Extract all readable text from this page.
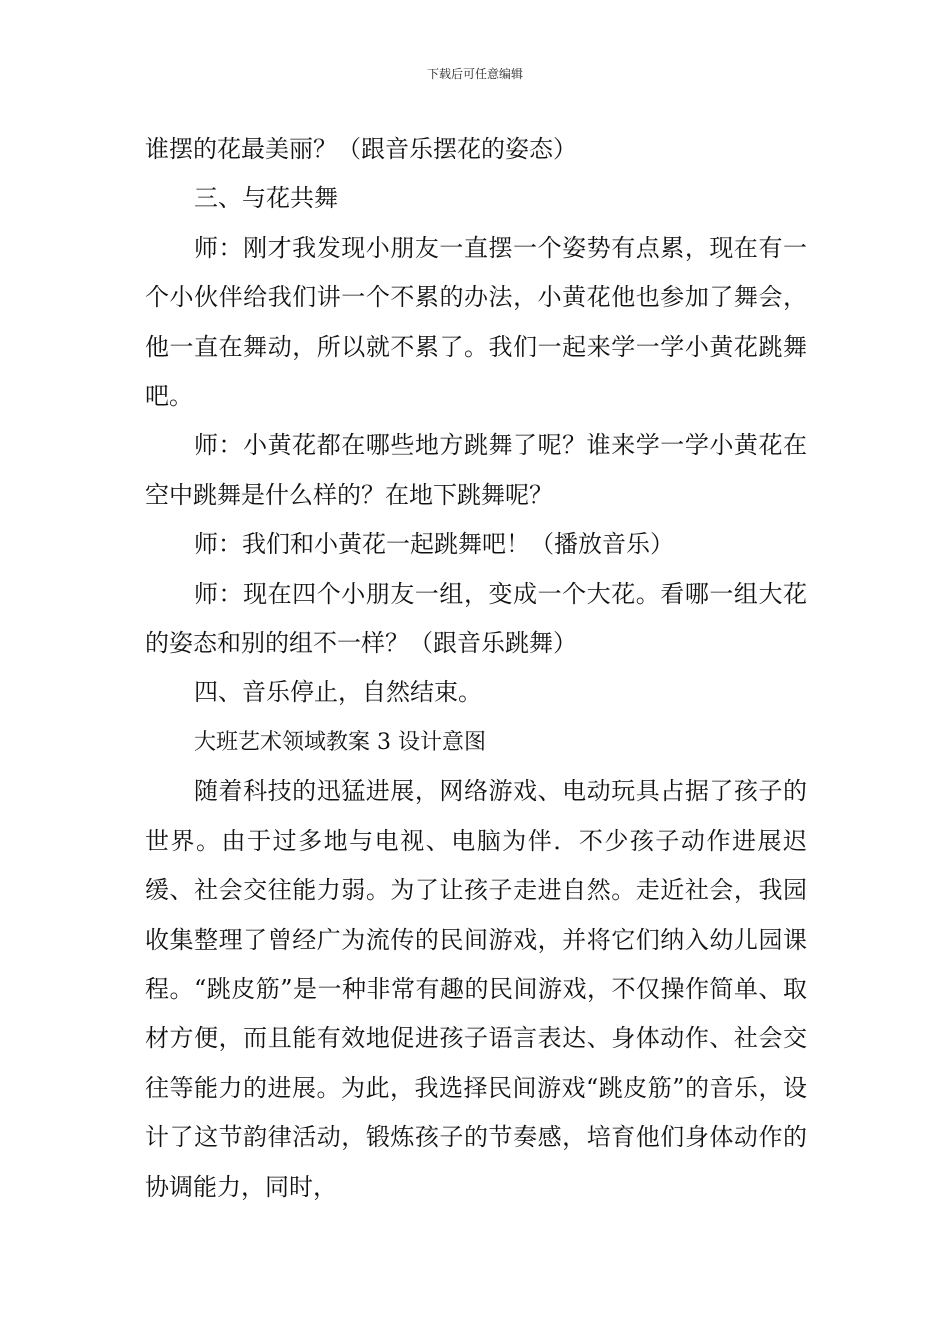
下载后可任意编辑

谁摆的花最美丽？（跟音乐摆花的姿态）

三、与花共舞

师：刚才我发现小朋友一直摆一个姿势有点累，现在有一个小伙伴给我们讲一个不累的办法，小黄花他也参加了舞会，他一直在舞动，所以就不累了。我们一起来学一学小黄花跳舞吧。

师：小黄花都在哪些地方跳舞了呢？谁来学一学小黄花在空中跳舞是什么样的？在地下跳舞呢？

师：我们和小黄花一起跳舞吧！（播放音乐）

师：现在四个小朋友一组，变成一个大花。看哪一组大花的姿态和别的组不一样？（跟音乐跳舞）

四、音乐停止，自然结束。

大班艺术领域教案 3 设计意图

随着科技的迅猛进展，网络游戏、电动玩具占据了孩子的世界。由于过多地与电视、电脑为伴．不少孩子动作进展迟缓、社会交往能力弱。为了让孩子走进自然。走近社会，我园收集整理了曾经广为流传的民间游戏，并将它们纳入幼儿园课程。“跳皮筋”是一种非常有趣的民间游戏，不仅操作简单、取材方便，而且能有效地促进孩子语言表达、身体动作、社会交往等能力的进展。为此，我选择民间游戏“跳皮筋”的音乐，设计了这节韵律活动，锻炼孩子的节奏感，培育他们身体动作的协调能力，同时，
